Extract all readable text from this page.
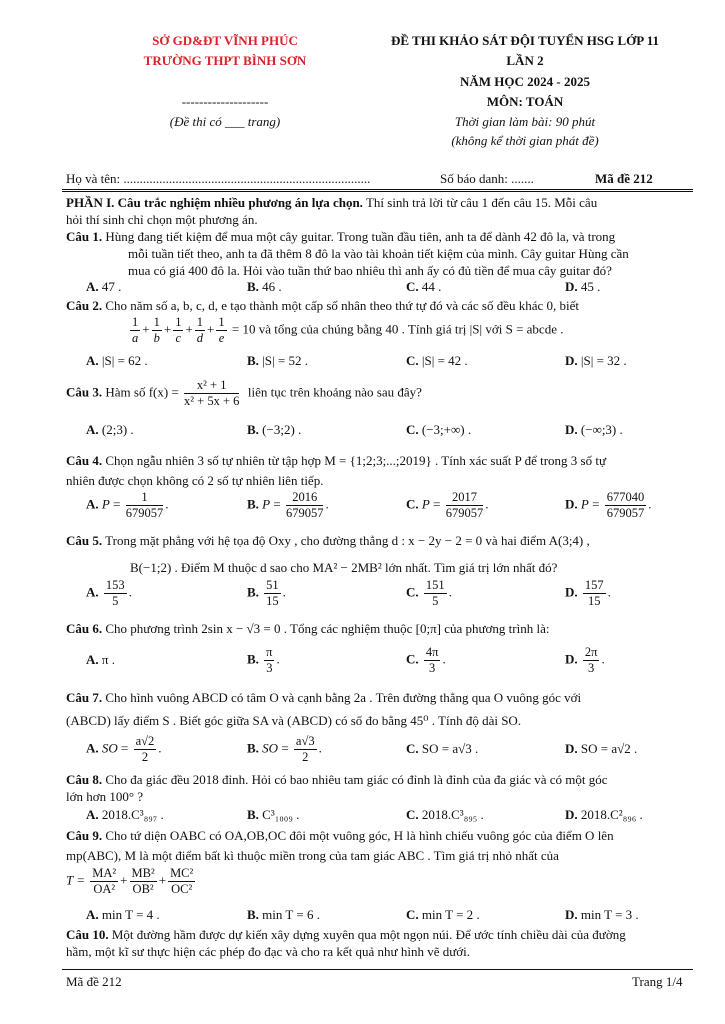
SỞ GD&ĐT VĨNH PHÚC
TRƯỜNG THPT BÌNH SƠN
--------------------
(Đề thi có ___ trang)
ĐỀ THI KHẢO SÁT ĐỘI TUYỂN HSG LỚP 11
LẦN 2
NĂM HỌC 2024 - 2025
MÔN: TOÁN
Thời gian làm bài: 90 phút
(không kể thời gian phát đề)
Họ và tên: ............................................................................	Số báo danh: .......	Mã đề 212
PHẦN I. Câu trắc nghiệm nhiều phương án lựa chọn. Thí sinh trả lời từ câu 1 đến câu 15. Mỗi câu
hỏi thí sinh chỉ chọn một phương án.
Câu 1. Hùng đang tiết kiệm để mua một cây guitar. Trong tuần đầu tiên, anh ta để dành 42 đô la, và trong
mỗi tuần tiết theo, anh ta đã thêm 8 đô la vào tài khoản tiết kiệm của mình. Cây guitar Hùng cần
mua có giá 400 đô la. Hỏi vào tuần thứ bao nhiêu thì anh ấy có đủ tiền để mua cây guitar đó?
A. 47 .	B. 46 .	C. 44 .	D. 45 .
Câu 2. Cho năm số a, b, c, d, e tạo thành một cấp số nhân theo thứ tự đó và các số đều khác 0, biết
$\frac{1}{a} + \frac{1}{b} + \frac{1}{c} + \frac{1}{d} + \frac{1}{e} = 10$ và tổng của chúng bằng 40 . Tính giá trị |S| với S = abcde .
A. |S| = 62 .	B. |S| = 52 .	C. |S| = 42 .	D. |S| = 32 .
Câu 3. Hàm số $f(x) = \frac{\text{x² + 1}}{\text{x² + 5x + 6}}$ liên tục trên khoảng nào sau đây?
A. (2;3) .	B. (−3;2) .	C. (−3;+∞) .	D. (−∞;3) .
Câu 4. Chọn ngẫu nhiên 3 số tự nhiên từ tập hợp M = {1;2;3;...;2019} . Tính xác suất P để trong 3 số tự
nhiên được chọn không có 2 số tự nhiên liên tiếp.
A. $P = \frac{1}{679057}$ .	B. $P = \frac{2016}{679057}$ .	C. $P = \frac{2017}{679057}$ .	D. $P = \frac{677040}{679057}$ .
Câu 5. Trong mặt phẳng với hệ tọa độ Oxy , cho đường thẳng d : x − 2y − 2 = 0 và hai điểm A(3;4) ,
B(−1;2) . Điểm M thuộc d sao cho MA² − 2MB² lớn nhất. Tìm giá trị lớn nhất đó?
A. $\frac{153}{5}$ .	B. $\frac{51}{15}$ .	C. $\frac{151}{5}$ .	D. $\frac{157}{15}$ .
Câu 6. Cho phương trình 2sin x − √3 = 0 . Tổng các nghiệm thuộc [0;π] của phương trình là:
A. π .	B. $\frac{\pi}{3}$ .	C. $\frac{4\pi}{3}$ .	D. $\frac{2\pi}{3}$ .
Câu 7. Cho hình vuông ABCD có tâm O và cạnh bằng 2a . Trên đường thẳng qua O vuông góc với
(ABCD) lấy điểm S . Biết góc giữa SA và (ABCD) có số đo bằng 45⁰ . Tính độ dài SO.
A. SO = $\frac{a√2}{2}$ .	B. SO = $\frac{a√3}{2}$ .	C. SO = a√3 .	D. SO = a√2 .
Câu 8. Cho đa giác đều 2018 đỉnh. Hỏi có bao nhiêu tam giác có đỉnh là đỉnh của đa giác và có một góc
lớn hơn 100° ?
A. 2018.C³₈₉₇ .	B. C³₁₀₀₉ .	C. 2018.C³₈₉₅ .	D. 2018.C²₈₉₆ .
Câu 9. Cho tứ diện OABC có OA,OB,OC đôi một vuông góc, H là hình chiếu vuông góc của điểm O lên
mp(ABC), M là một điểm bất kì thuộc miền trong của tam giác ABC . Tìm giá trị nhỏ nhất của
$T = \frac{\text{MA²}}{\text{OA²}} + \frac{\text{MB²}}{\text{OB²}} + \frac{\text{MC²}}{\text{OC²}}$
A. min T = 4 .	B. min T = 6 .	C. min T = 2 .	D. min T = 3 .
Câu 10. Một đường hầm được dự kiến xây dựng xuyên qua một ngọn núi. Để ước tính chiều dài của đường
hầm, một kĩ sư thực hiện các phép đo đạc và cho ra kết quả như hình vẽ dưới.
Mã đề 212	Trang 1/4
